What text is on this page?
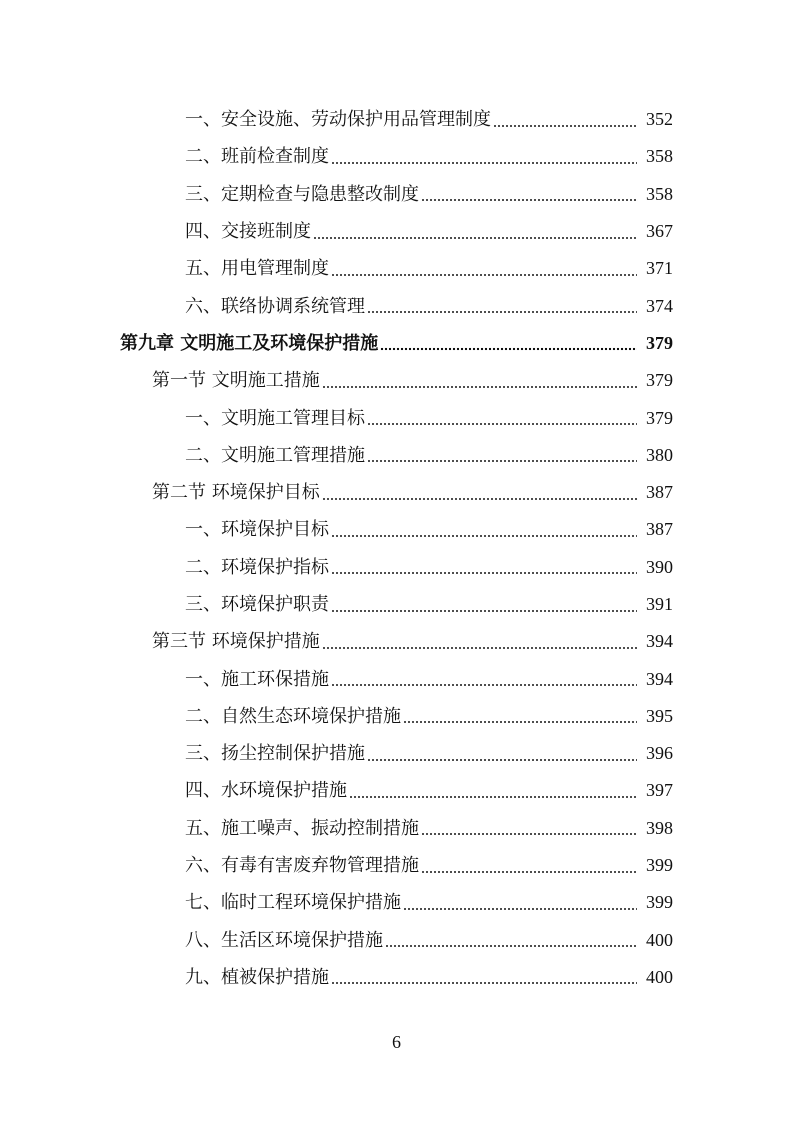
一、安全设施、劳动保护用品管理制度	352
二、班前检查制度	358
三、定期检查与隐患整改制度	358
四、交接班制度	367
五、用电管理制度	371
六、联络协调系统管理	374
第九章 文明施工及环境保护措施	379
第一节 文明施工措施	379
一、文明施工管理目标	379
二、文明施工管理措施	380
第二节 环境保护目标	387
一、环境保护目标	387
二、环境保护指标	390
三、环境保护职责	391
第三节 环境保护措施	394
一、施工环保措施	394
二、自然生态环境保护措施	395
三、扬尘控制保护措施	396
四、水环境保护措施	397
五、施工噪声、振动控制措施	398
六、有毒有害废弃物管理措施	399
七、临时工程环境保护措施	399
八、生活区环境保护措施	400
九、植被保护措施	400
6
